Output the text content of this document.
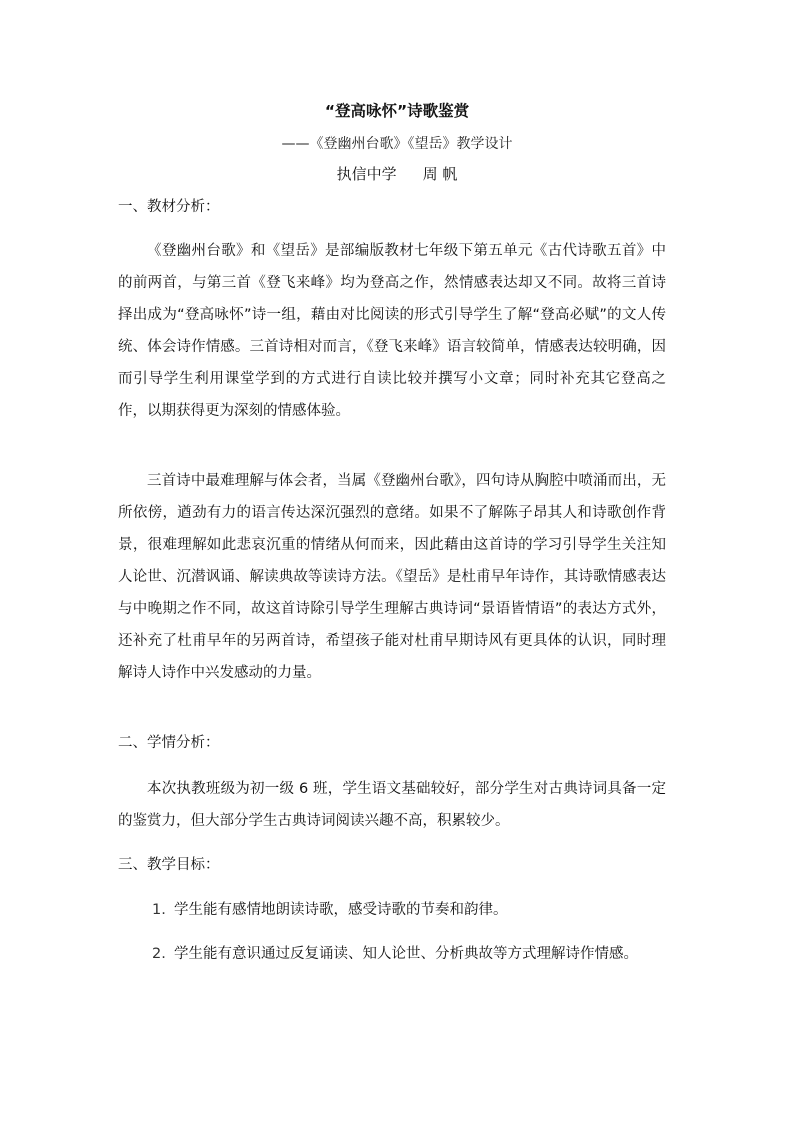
“登高咏怀”诗歌鉴赏
——《登幽州台歌》《望岳》教学设计
执信中学 周 帆
一、教材分析：

《登幽州台歌》和《望岳》是部编版教材七年级下第五单元《古代诗歌五首》中的前两首，与第三首《登飞来峰》均为登高之作，然情感表达却又不同。故将三首诗择出成为“登高咏怀”诗一组，藉由对比阅读的形式引导学生了解“登高必赋”的文人传统、体会诗作情感。三首诗相对而言，《登飞来峰》语言较简单，情感表达较明确，因而引导学生利用课堂学到的方式进行自读比较并撰写小文章；同时补充其它登高之作，以期获得更为深刻的情感体验。

三首诗中最难理解与体会者，当属《登幽州台歌》，四句诗从胸腔中喷涌而出，无所依傍，遒劲有力的语言传达深沉强烈的意绪。如果不了解陈子昂其人和诗歌创作背景，很难理解如此悲哀沉重的情绪从何而来，因此藉由这首诗的学习引导学生关注知人论世、沉潜讽诵、解读典故等读诗方法。《望岳》是杜甫早年诗作，其诗歌情感表达与中晚期之作不同，故这首诗除引导学生理解古典诗词“景语皆情语”的表达方式外，还补充了杜甫早年的另两首诗，希望孩子能对杜甫早期诗风有更具体的认识，同时理解诗人诗作中兴发感动的力量。

二、学情分析：

本次执教班级为初一级 6 班，学生语文基础较好，部分学生对古典诗词具备一定的鉴赏力，但大部分学生古典诗词阅读兴趣不高，积累较少。

三、教学目标：

1. 学生能有感情地朗读诗歌，感受诗歌的节奏和韵律。

2. 学生能有意识通过反复诵读、知人论世、分析典故等方式理解诗作情感。
